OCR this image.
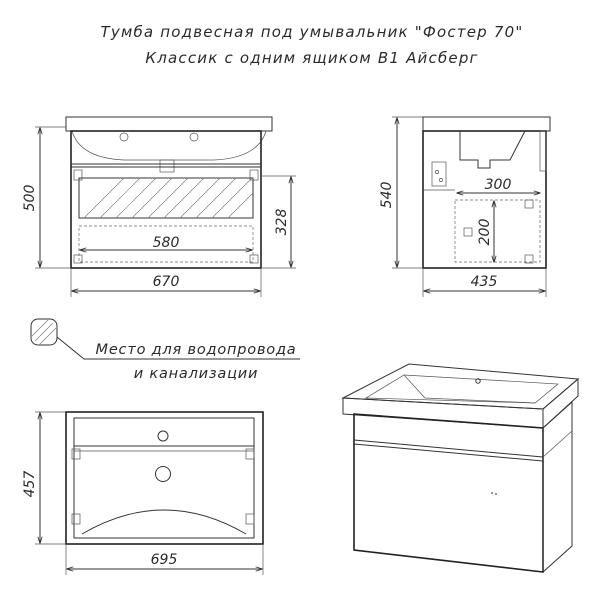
Тумба подвесная под умывальник "Фостер 70"
Классик с одним ящиком B1 Айсберг
500
328
580
670
540	300
200
435
Место для водопровода
и канализации
457
695
